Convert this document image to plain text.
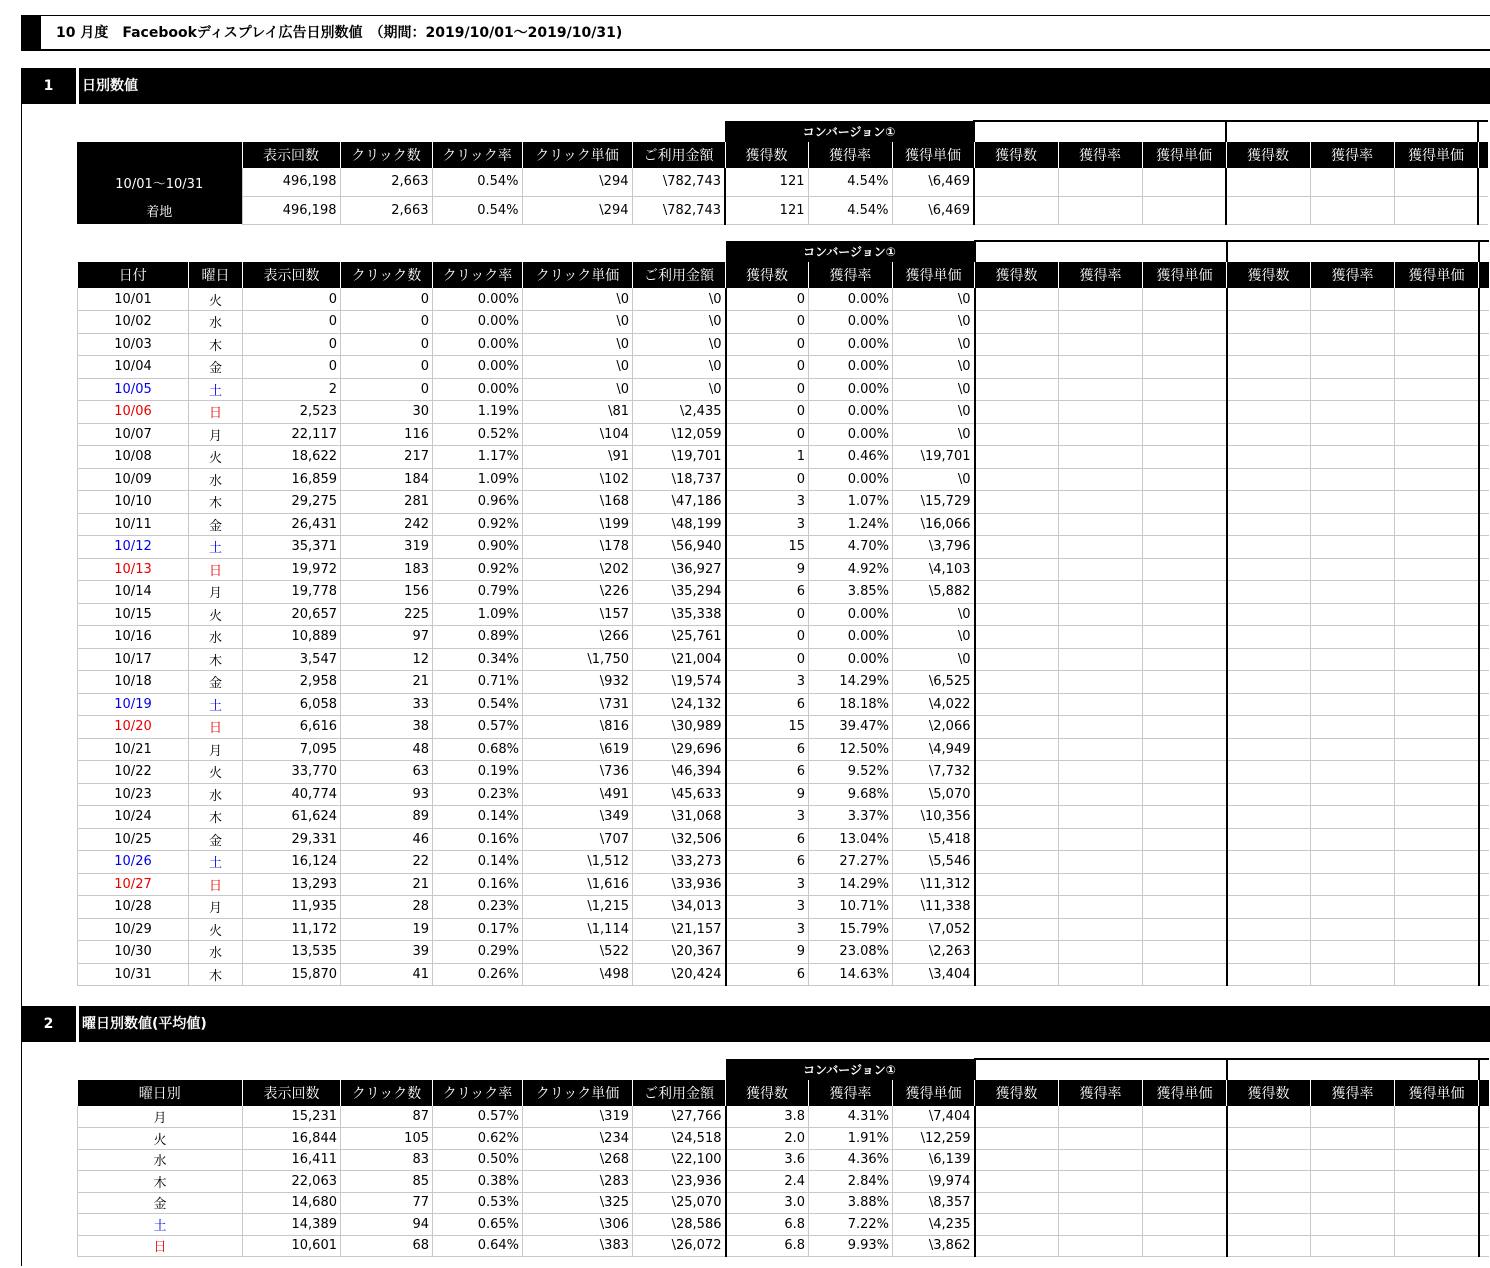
10 月度　Facebookディスプレイ広告日別数値　（期間：2019/10/01〜2019/10/31)
1	日別数値
2	曜日別数値(平均値)
						コンバージョン①									
	表示回数	クリック数	クリック率	クリック単価	ご利用金額	獲得数	獲得率	獲得単価	獲得数	獲得率	獲得単価	獲得数	獲得率	獲得単価	
10/01〜10/31	496,198	2,663	0.54%	\294	\782,743	121	4.54%	\6,469							
着地	496,198	2,663	0.54%	\294	\782,743	121	4.54%	\6,469							
							コンバージョン①									
日付	曜日	表示回数	クリック数	クリック率	クリック単価	ご利用金額	獲得数	獲得率	獲得単価	獲得数	獲得率	獲得単価	獲得数	獲得率	獲得単価	
10/01	火	0	0	0.00%	\0	\0	0	0.00%	\0							
10/02	水	0	0	0.00%	\0	\0	0	0.00%	\0							
10/03	木	0	0	0.00%	\0	\0	0	0.00%	\0							
10/04	金	0	0	0.00%	\0	\0	0	0.00%	\0							
10/05	土	2	0	0.00%	\0	\0	0	0.00%	\0							
10/06	日	2,523	30	1.19%	\81	\2,435	0	0.00%	\0							
10/07	月	22,117	116	0.52%	\104	\12,059	0	0.00%	\0							
10/08	火	18,622	217	1.17%	\91	\19,701	1	0.46%	\19,701							
10/09	水	16,859	184	1.09%	\102	\18,737	0	0.00%	\0							
10/10	木	29,275	281	0.96%	\168	\47,186	3	1.07%	\15,729							
10/11	金	26,431	242	0.92%	\199	\48,199	3	1.24%	\16,066							
10/12	土	35,371	319	0.90%	\178	\56,940	15	4.70%	\3,796							
10/13	日	19,972	183	0.92%	\202	\36,927	9	4.92%	\4,103							
10/14	月	19,778	156	0.79%	\226	\35,294	6	3.85%	\5,882							
10/15	火	20,657	225	1.09%	\157	\35,338	0	0.00%	\0							
10/16	水	10,889	97	0.89%	\266	\25,761	0	0.00%	\0							
10/17	木	3,547	12	0.34%	\1,750	\21,004	0	0.00%	\0							
10/18	金	2,958	21	0.71%	\932	\19,574	3	14.29%	\6,525							
10/19	土	6,058	33	0.54%	\731	\24,132	6	18.18%	\4,022							
10/20	日	6,616	38	0.57%	\816	\30,989	15	39.47%	\2,066							
10/21	月	7,095	48	0.68%	\619	\29,696	6	12.50%	\4,949							
10/22	火	33,770	63	0.19%	\736	\46,394	6	9.52%	\7,732							
10/23	水	40,774	93	0.23%	\491	\45,633	9	9.68%	\5,070							
10/24	木	61,624	89	0.14%	\349	\31,068	3	3.37%	\10,356							
10/25	金	29,331	46	0.16%	\707	\32,506	6	13.04%	\5,418							
10/26	土	16,124	22	0.14%	\1,512	\33,273	6	27.27%	\5,546							
10/27	日	13,293	21	0.16%	\1,616	\33,936	3	14.29%	\11,312							
10/28	月	11,935	28	0.23%	\1,215	\34,013	3	10.71%	\11,338							
10/29	火	11,172	19	0.17%	\1,114	\21,157	3	15.79%	\7,052							
10/30	水	13,535	39	0.29%	\522	\20,367	9	23.08%	\2,263							
10/31	木	15,870	41	0.26%	\498	\20,424	6	14.63%	\3,404							
						コンバージョン①									
曜日別	表示回数	クリック数	クリック率	クリック単価	ご利用金額	獲得数	獲得率	獲得単価	獲得数	獲得率	獲得単価	獲得数	獲得率	獲得単価	
月	15,231	87	0.57%	\319	\27,766	3.8	4.31%	\7,404							
火	16,844	105	0.62%	\234	\24,518	2.0	1.91%	\12,259							
水	16,411	83	0.50%	\268	\22,100	3.6	4.36%	\6,139							
木	22,063	85	0.38%	\283	\23,936	2.4	2.84%	\9,974							
金	14,680	77	0.53%	\325	\25,070	3.0	3.88%	\8,357							
土	14,389	94	0.65%	\306	\28,586	6.8	7.22%	\4,235							
日	10,601	68	0.64%	\383	\26,072	6.8	9.93%	\3,862							
